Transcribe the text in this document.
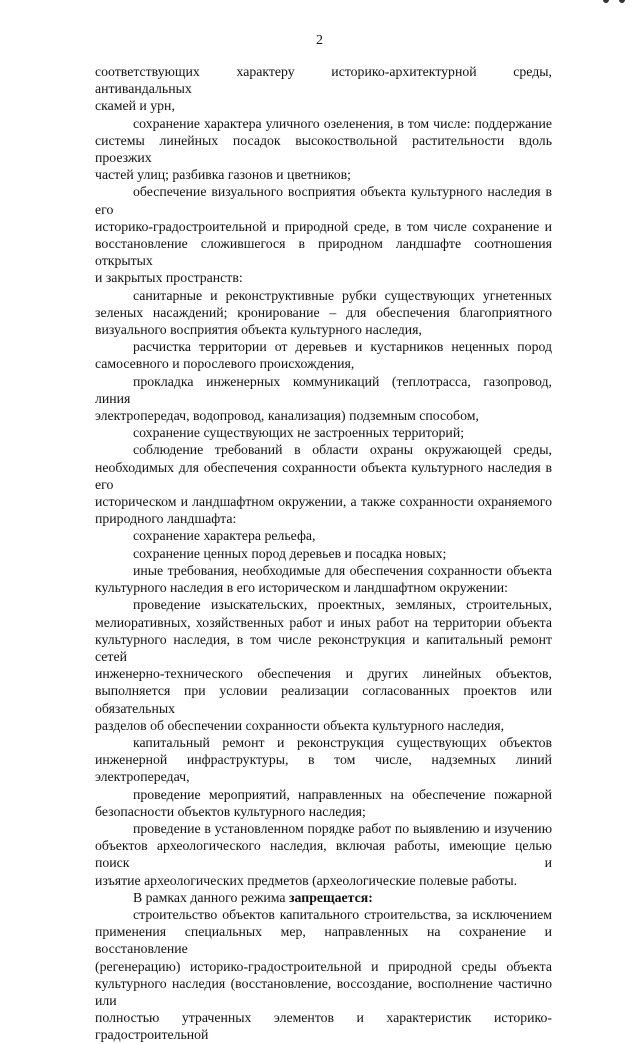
2

соответствующих характеру историко-архитектурной среды, антивандальных

скамей и урн,

сохранение характера уличного озеленения, в том числе: поддержание

системы линейных посадок высокоствольной растительности вдоль проезжих

частей улиц; разбивка газонов и цветников;

обеспечение визуального восприятия объекта культурного наследия в его

историко-градостроительной и природной среде, в том числе сохранение и

восстановление сложившегося в природном ландшафте соотношения открытых

и закрытых пространств:

санитарные и реконструктивные рубки существующих угнетенных

зеленых насаждений; кронирование – для обеспечения благоприятного

визуального восприятия объекта культурного наследия,

расчистка территории от деревьев и кустарников неценных пород

самосевного и порослевого происхождения,

прокладка инженерных коммуникаций (теплотрасса, газопровод, линия

электропередач, водопровод, канализация) подземным способом,

сохранение существующих не застроенных территорий;

соблюдение требований в области охраны окружающей среды,

необходимых для обеспечения сохранности объекта культурного наследия в его

историческом и ландшафтном окружении, а также сохранности охраняемого

природного ландшафта:

сохранение характера рельефа,

сохранение ценных пород деревьев и посадка новых;

иные требования, необходимые для обеспечения сохранности объекта

культурного наследия в его историческом и ландшафтном окружении:

проведение изыскательских, проектных, земляных, строительных,

мелиоративных, хозяйственных работ и иных работ на территории объекта

культурного наследия, в том числе реконструкция и капитальный ремонт сетей

инженерно-технического обеспечения и других линейных объектов,

выполняется при условии реализации согласованных проектов или обязательных

разделов об обеспечении сохранности объекта культурного наследия,

капитальный ремонт и реконструкция существующих объектов

инженерной инфраструктуры, в том числе, надземных линий электропередач,

проведение мероприятий, направленных на обеспечение пожарной

безопасности объектов культурного наследия;

проведение в установленном порядке работ по выявлению и изучению

объектов археологического наследия, включая работы, имеющие целью поиск и

изъятие археологических предметов (археологические полевые работы.

В рамках данного режима запрещается:

строительство объектов капитального строительства, за исключением

применения специальных мер, направленных на сохранение и восстановление

(регенерацию) историко-градостроительной и природной среды объекта

культурного наследия (восстановление, воссоздание, восполнение частично или

полностью утраченных элементов и характеристик историко-градостроительной
